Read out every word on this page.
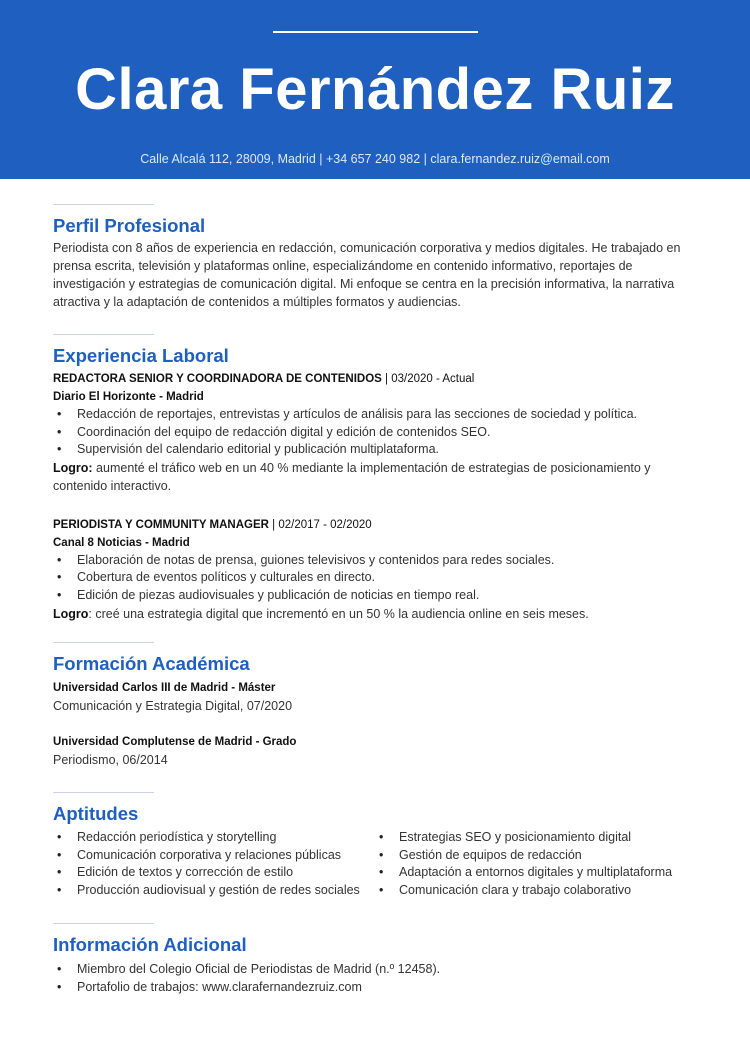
Clara Fernández Ruiz
Calle Alcalá 112, 28009, Madrid | +34 657 240 982 | clara.fernandez.ruiz@email.com
Perfil Profesional
Periodista con 8 años de experiencia en redacción, comunicación corporativa y medios digitales. He trabajado en prensa escrita, televisión y plataformas online, especializándome en contenido informativo, reportajes de investigación y estrategias de comunicación digital. Mi enfoque se centra en la precisión informativa, la narrativa atractiva y la adaptación de contenidos a múltiples formatos y audiencias.
Experiencia Laboral
REDACTORA SENIOR Y COORDINADORA DE CONTENIDOS | 03/2020 - Actual
Diario El Horizonte - Madrid
• Redacción de reportajes, entrevistas y artículos de análisis para las secciones de sociedad y política.
• Coordinación del equipo de redacción digital y edición de contenidos SEO.
• Supervisión del calendario editorial y publicación multiplataforma.
Logro: aumenté el tráfico web en un 40 % mediante la implementación de estrategias de posicionamiento y contenido interactivo.
PERIODISTA Y COMMUNITY MANAGER | 02/2017 - 02/2020
Canal 8 Noticias - Madrid
• Elaboración de notas de prensa, guiones televisivos y contenidos para redes sociales.
• Cobertura de eventos políticos y culturales en directo.
• Edición de piezas audiovisuales y publicación de noticias en tiempo real.
Logro: creé una estrategia digital que incrementó en un 50 % la audiencia online en seis meses.
Formación Académica
Universidad Carlos III de Madrid - Máster
Comunicación y Estrategia Digital, 07/2020
Universidad Complutense de Madrid - Grado
Periodismo, 06/2014
Aptitudes
• Redacción periodística y storytelling
• Comunicación corporativa y relaciones públicas
• Edición de textos y corrección de estilo
• Producción audiovisual y gestión de redes sociales
• Estrategias SEO y posicionamiento digital
• Gestión de equipos de redacción
• Adaptación a entornos digitales y multiplataforma
• Comunicación clara y trabajo colaborativo
Información Adicional
• Miembro del Colegio Oficial de Periodistas de Madrid (n.º 12458).
• Portafolio de trabajos: www.clarafernandezruiz.com
